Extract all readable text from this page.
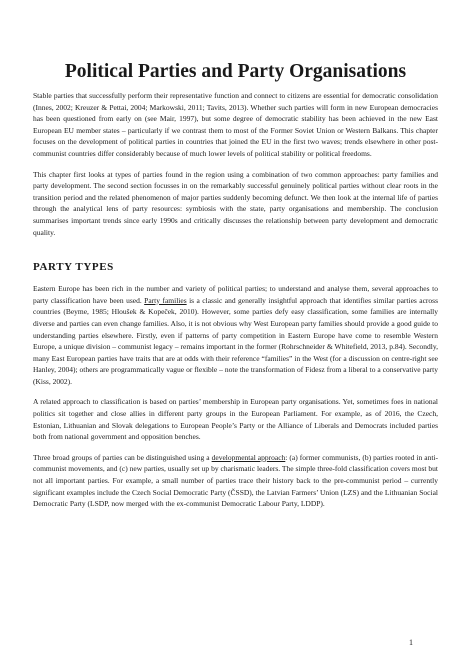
Political Parties and Party Organisations

Stable parties that successfully perform their representative function and connect to citizens are essential for democratic consolidation (Innes, 2002; Kreuzer & Pettai, 2004; Markowski, 2011; Tavits, 2013). Whether such parties will form in new European democracies has been questioned from early on (see Mair, 1997), but some degree of democratic stability has been achieved in the new East European EU member states – particularly if we contrast them to most of the Former Soviet Union or Western Balkans. This chapter focuses on the development of political parties in countries that joined the EU in the first two waves; trends elsewhere in other post-communist countries differ considerably because of much lower levels of political stability or political freedoms.

This chapter first looks at types of parties found in the region using a combination of two common approaches: party families and party development. The second section focusses in on the remarkably successful genuinely political parties without clear roots in the transition period and the related phenomenon of major parties suddenly becoming defunct. We then look at the internal life of parties through the analytical lens of party resources: symbiosis with the state, party organisations and membership. The conclusion summarises important trends since early 1990s and critically discusses the relationship between party development and democratic quality.

PARTY TYPES

Eastern Europe has been rich in the number and variety of political parties; to understand and analyse them, several approaches to party classification have been used. Party families is a classic and generally insightful approach that identifies similar parties across countries (Beyme, 1985; Hloušek & Kopeček, 2010). However, some parties defy easy classification, some families are internally diverse and parties can even change families. Also, it is not obvious why West European party families should provide a good guide to understanding parties elsewhere. Firstly, even if patterns of party competition in Eastern Europe have come to resemble Western Europe, a unique division – communist legacy – remains important in the former (Rohrschneider & Whitefield, 2013, p.84). Secondly, many East European parties have traits that are at odds with their reference “families” in the West (for a discussion on centre-right see Hanley, 2004); others are programmatically vague or flexible – note the transformation of Fidesz from a liberal to a conservative party (Kiss, 2002).

A related approach to classification is based on parties’ membership in European party organisations. Yet, sometimes foes in national politics sit together and close allies in different party groups in the European Parliament. For example, as of 2016, the Czech, Estonian, Lithuanian and Slovak delegations to European People’s Party or the Alliance of Liberals and Democrats included parties both from national government and opposition benches.

Three broad groups of parties can be distinguished using a developmental approach: (a) former communists, (b) parties rooted in anti-communist movements, and (c) new parties, usually set up by charismatic leaders. The simple three-fold classification covers most but not all important parties. For example, a small number of parties trace their history back to the pre-communist period – currently significant examples include the Czech Social Democratic Party (ČSSD), the Latvian Farmers’ Union (LZS) and the Lithuanian Social Democratic Party (LSDP, now merged with the ex-communist Democratic Labour Party, LDDP).

1
